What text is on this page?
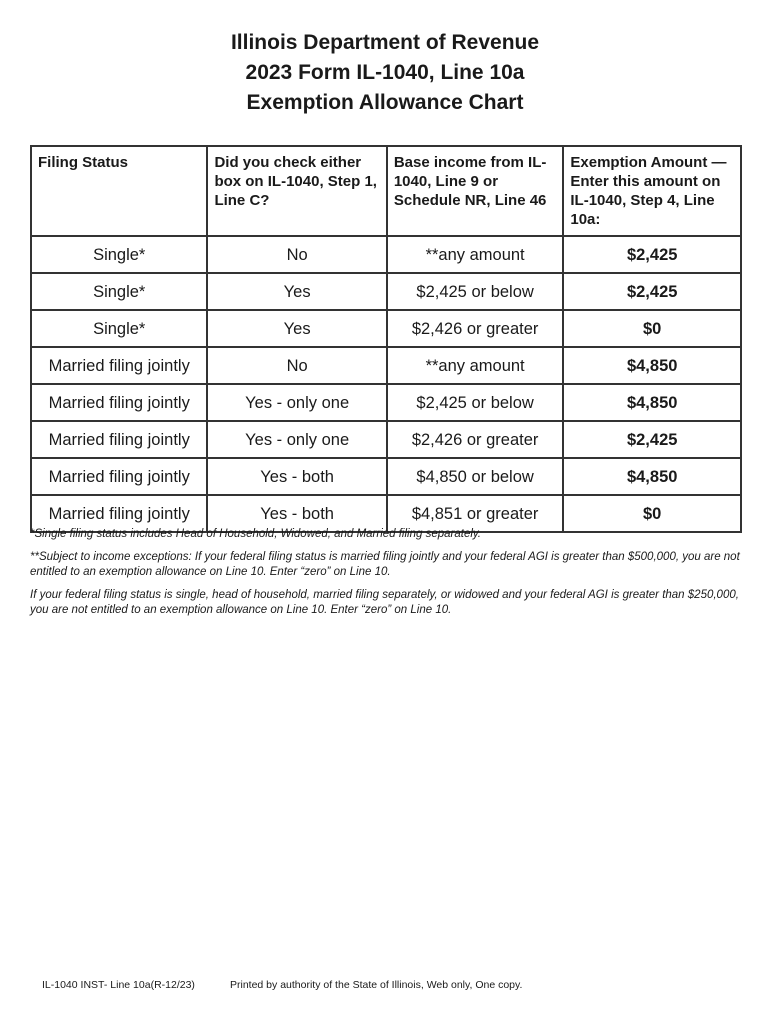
Illinois Department of Revenue
2023 Form IL-1040, Line 10a
Exemption Allowance Chart
Filing Status	Did you check either box on IL-1040, Step 1, Line C?	Base income from IL-1040, Line 9 or Schedule NR, Line 46	Exemption Amount — Enter this amount on IL-1040, Step 4, Line 10a:
Single*	No	**any amount	$2,425
Single*	Yes	$2,425 or below	$2,425
Single*	Yes	$2,426 or greater	$0
Married filing jointly	No	**any amount	$4,850
Married filing jointly	Yes - only one	$2,425 or below	$4,850
Married filing jointly	Yes - only one	$2,426 or greater	$2,425
Married filing jointly	Yes - both	$4,850 or below	$4,850
Married filing jointly	Yes - both	$4,851 or greater	$0

*Single filing status includes Head of Household, Widowed, and Married filing separately.

**Subject to income exceptions: If your federal filing status is married filing jointly and your federal AGI is greater than $500,000, you are not entitled to an exemption allowance on Line 10. Enter “zero” on Line 10.

If your federal filing status is single, head of household, married filing separately, or widowed and your federal AGI is greater than $250,000, you are not entitled to an exemption allowance on Line 10. Enter “zero” on Line 10.

IL-1040 INST- Line 10a(R-12/23)	Printed by authority of the State of Illinois, Web only, One copy.
